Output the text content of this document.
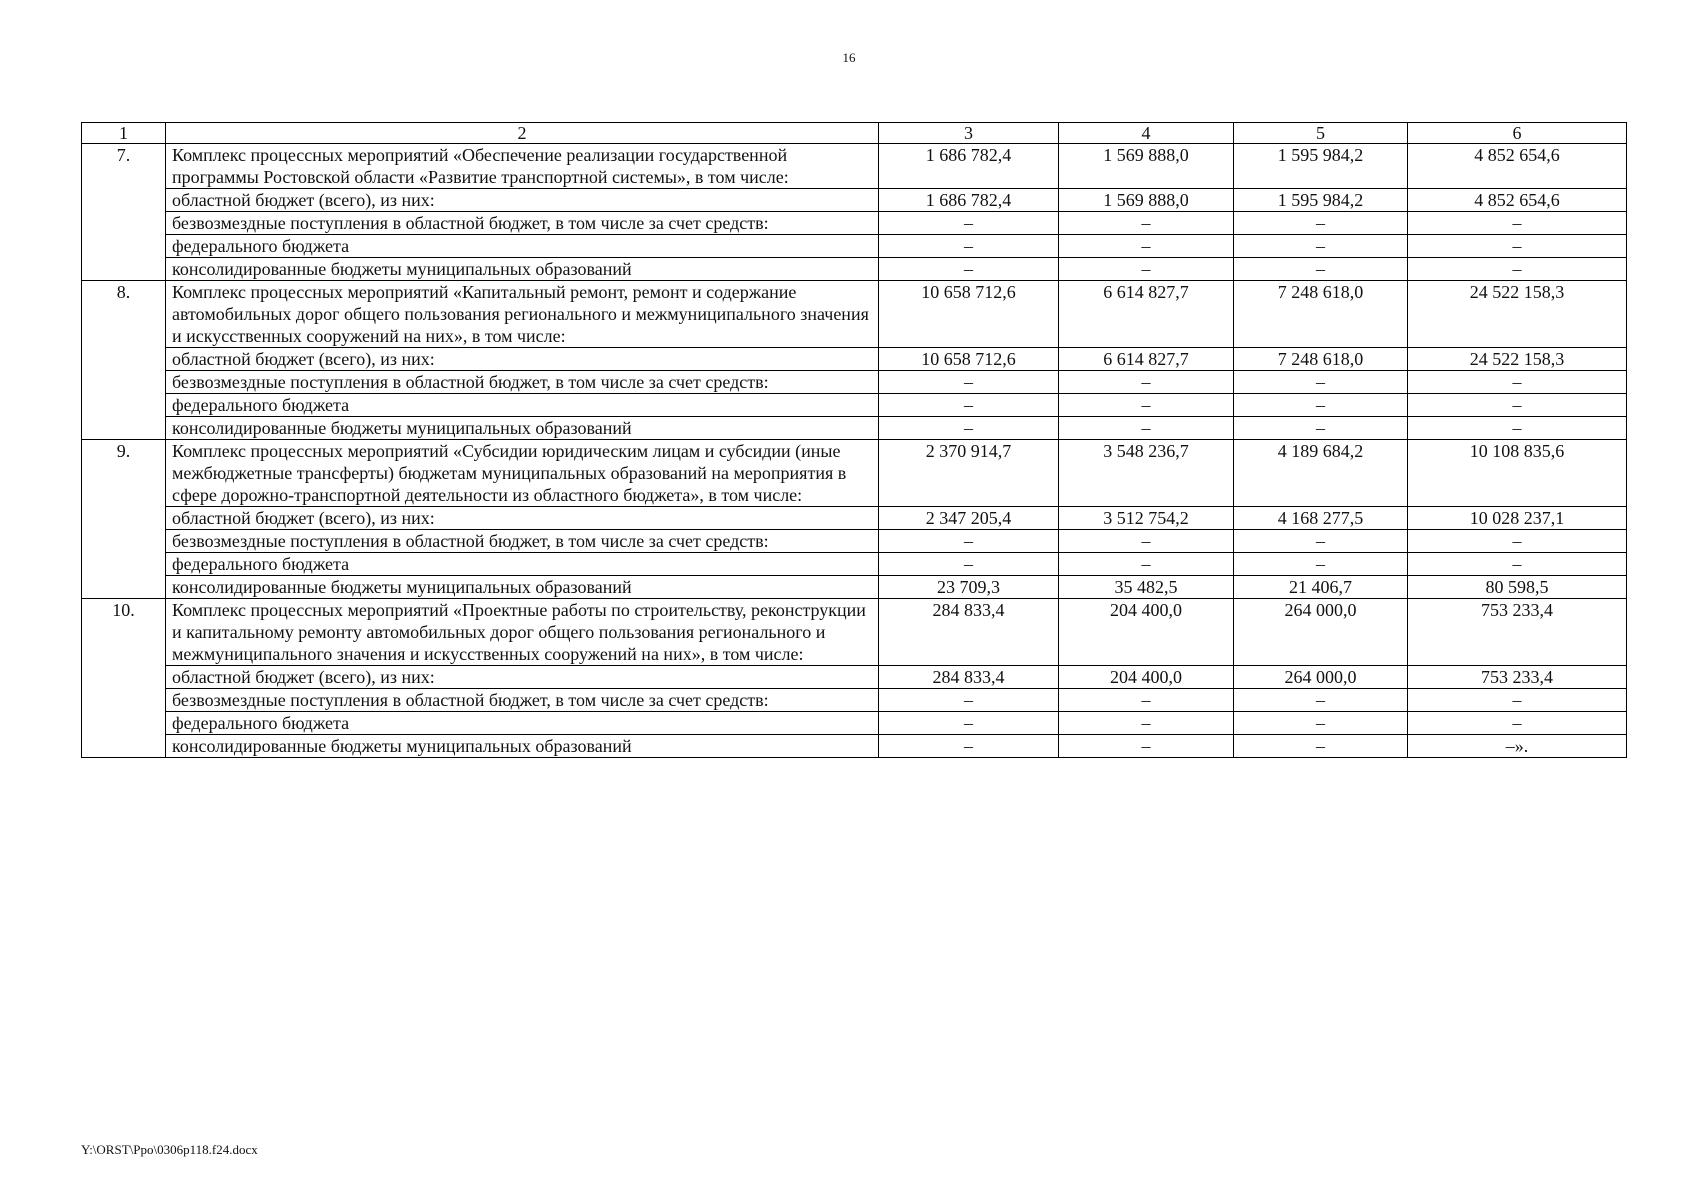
16
1	2	3	4	5	6
7.	Комплекс процессных мероприятий «Обеспечение реализации государственной программы Ростовской области «Развитие транспортной системы», в том числе:	1 686 782,4	1 569 888,0	1 595 984,2	4 852 654,6
	областной бюджет (всего), из них:	1 686 782,4	1 569 888,0	1 595 984,2	4 852 654,6
	безвозмездные поступления в областной бюджет, в том числе за счет средств:	–	–	–	–
	федерального бюджета	–	–	–	–
	консолидированные бюджеты муниципальных образований	–	–	–	–
8.	Комплекс процессных мероприятий «Капитальный ремонт, ремонт и содержание автомобильных дорог общего пользования регионального и межмуниципального значения и искусственных сооружений на них», в том числе:	10 658 712,6	6 614 827,7	7 248 618,0	24 522 158,3
	областной бюджет (всего), из них:	10 658 712,6	6 614 827,7	7 248 618,0	24 522 158,3
	безвозмездные поступления в областной бюджет, в том числе за счет средств:	–	–	–	–
	федерального бюджета	–	–	–	–
	консолидированные бюджеты муниципальных образований	–	–	–	–
9.	Комплекс процессных мероприятий «Субсидии юридическим лицам и субсидии (иные межбюджетные трансферты) бюджетам муниципальных образований на мероприятия в сфере дорожно-транспортной деятельности из областного бюджета», в том числе:	2 370 914,7	3 548 236,7	4 189 684,2	10 108 835,6
	областной бюджет (всего), из них:	2 347 205,4	3 512 754,2	4 168 277,5	10 028 237,1
	безвозмездные поступления в областной бюджет, в том числе за счет средств:	–	–	–	–
	федерального бюджета	–	–	–	–
	консолидированные бюджеты муниципальных образований	23 709,3	35 482,5	21 406,7	80 598,5
10.	Комплекс процессных мероприятий «Проектные работы по строительству, реконструкции и капитальному ремонту автомобильных дорог общего пользования регионального и межмуниципального значения и искусственных сооружений на них», в том числе:	284 833,4	204 400,0	264 000,0	753 233,4
	областной бюджет (всего), из них:	284 833,4	204 400,0	264 000,0	753 233,4
	безвозмездные поступления в областной бюджет, в том числе за счет средств:	–	–	–	–
	федерального бюджета	–	–	–	–
	консолидированные бюджеты муниципальных образований	–	–	–	–».
Y:\ORST\Ppo\0306p118.f24.docx
